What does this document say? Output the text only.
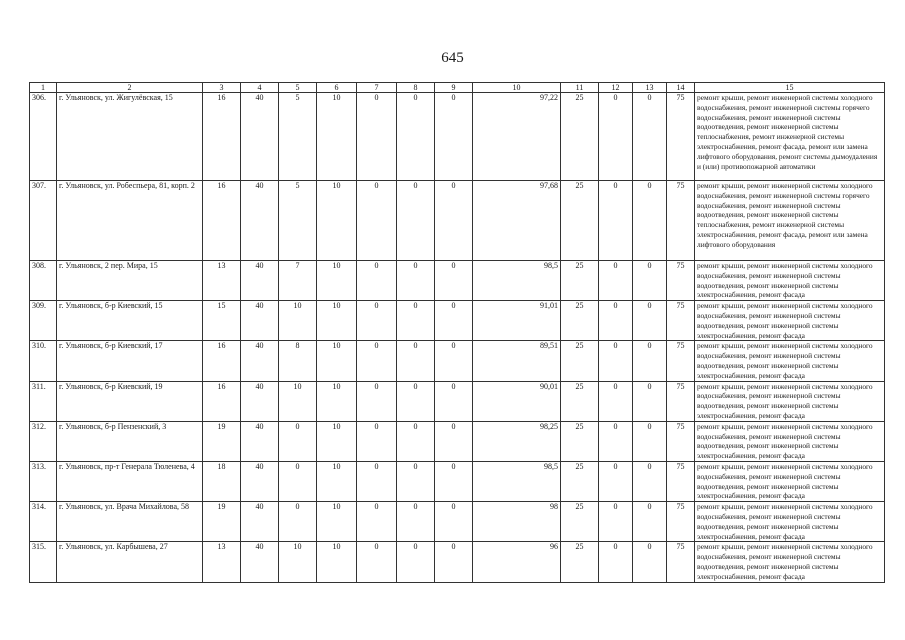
645
1	2	3	4	5	6	7	8	9	10	11	12	13	14	15
306.	г. Ульяновск, ул. Жигулёвская, 15	16	40	5	10	0	0	0	97,22	25	0	0	75	ремонт крыши, ремонт инженерной системы холодного водоснабжения, ремонт инженерной системы горячего водоснабжения, ремонт инженерной системы водоотведения, ремонт инженерной системы теплоснабжения, ремонт инженерной системы электроснабжения, ремонт фасада, ремонт или замена лифтового оборудования, ремонт системы дымоудаления и (или) противопожарной автоматики
307.	г. Ульяновск, ул. Робеспьера, 81, корп. 2	16	40	5	10	0	0	0	97,68	25	0	0	75	ремонт крыши, ремонт инженерной системы холодного водоснабжения, ремонт инженерной системы горячего водоснабжения, ремонт инженерной системы водоотведения, ремонт инженерной системы теплоснабжения, ремонт инженерной системы электроснабжения, ремонт фасада, ремонт или замена лифтового оборудования
308.	г. Ульяновск, 2 пер. Мира, 15	13	40	7	10	0	0	0	98,5	25	0	0	75	ремонт крыши, ремонт инженерной системы холодного водоснабжения, ремонт инженерной системы водоотведения, ремонт инженерной системы электроснабжения, ремонт фасада
309.	г. Ульяновск, б-р Киевский, 15	15	40	10	10	0	0	0	91,01	25	0	0	75	ремонт крыши, ремонт инженерной системы холодного водоснабжения, ремонт инженерной системы водоотведения, ремонт инженерной системы электроснабжения, ремонт фасада
310.	г. Ульяновск, б-р Киевский, 17	16	40	8	10	0	0	0	89,51	25	0	0	75	ремонт крыши, ремонт инженерной системы холодного водоснабжения, ремонт инженерной системы водоотведения, ремонт инженерной системы электроснабжения, ремонт фасада
311.	г. Ульяновск, б-р Киевский, 19	16	40	10	10	0	0	0	90,01	25	0	0	75	ремонт крыши, ремонт инженерной системы холодного водоснабжения, ремонт инженерной системы водоотведения, ремонт инженерной системы электроснабжения, ремонт фасада
312.	г. Ульяновск, б-р Пензенский, 3	19	40	0	10	0	0	0	98,25	25	0	0	75	ремонт крыши, ремонт инженерной системы холодного водоснабжения, ремонт инженерной системы водоотведения, ремонт инженерной системы электроснабжения, ремонт фасада
313.	г. Ульяновск, пр-т Генерала Тюленева, 4	18	40	0	10	0	0	0	98,5	25	0	0	75	ремонт крыши, ремонт инженерной системы холодного водоснабжения, ремонт инженерной системы водоотведения, ремонт инженерной системы электроснабжения, ремонт фасада
314.	г. Ульяновск, ул. Врача Михайлова, 58	19	40	0	10	0	0	0	98	25	0	0	75	ремонт крыши, ремонт инженерной системы холодного водоснабжения, ремонт инженерной системы водоотведения, ремонт инженерной системы электроснабжения, ремонт фасада
315.	г. Ульяновск, ул. Карбышева, 27	13	40	10	10	0	0	0	96	25	0	0	75	ремонт крыши, ремонт инженерной системы холодного водоснабжения, ремонт инженерной системы водоотведения, ремонт инженерной системы электроснабжения, ремонт фасада
